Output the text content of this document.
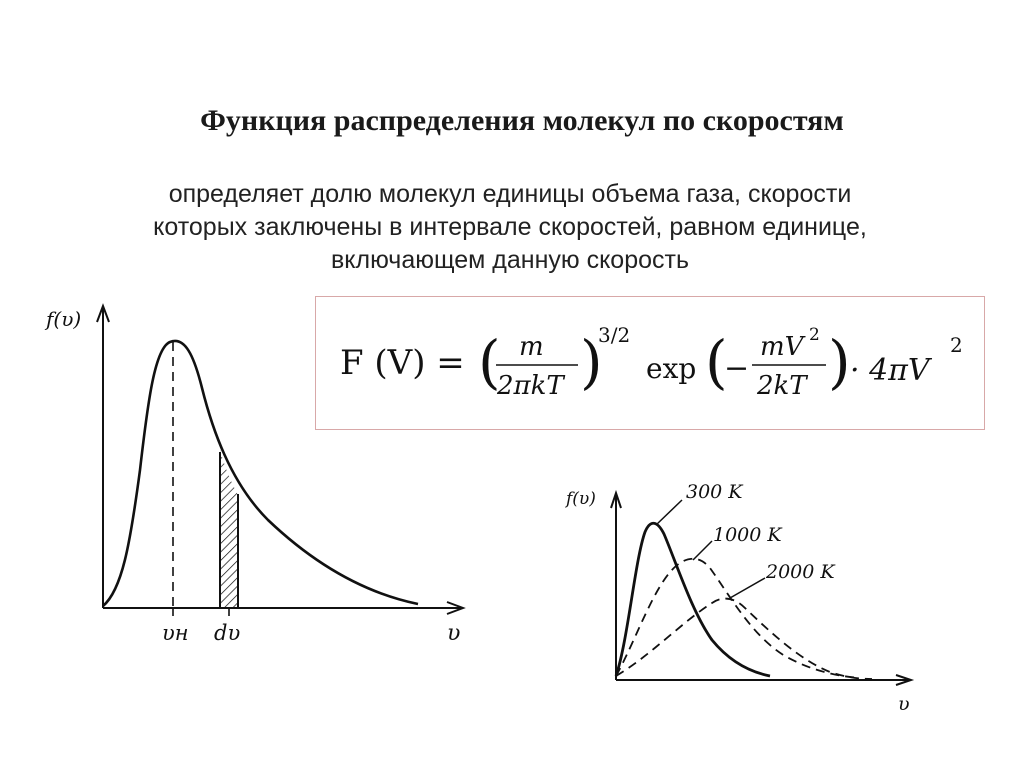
Функция распределения молекул по скоростям
определяет долю молекул единицы объема газа, скорости
которых заключены в интервале скоростей, равном единице,
включающем данную скорость
F (V) = ( m
2πkT )
3/2
exp (
−
mV 2
2kT ) · 4πV
2
f(υ)
υ
υн dυ
f(υ)
υ
300 K
1000 K
2000 K
